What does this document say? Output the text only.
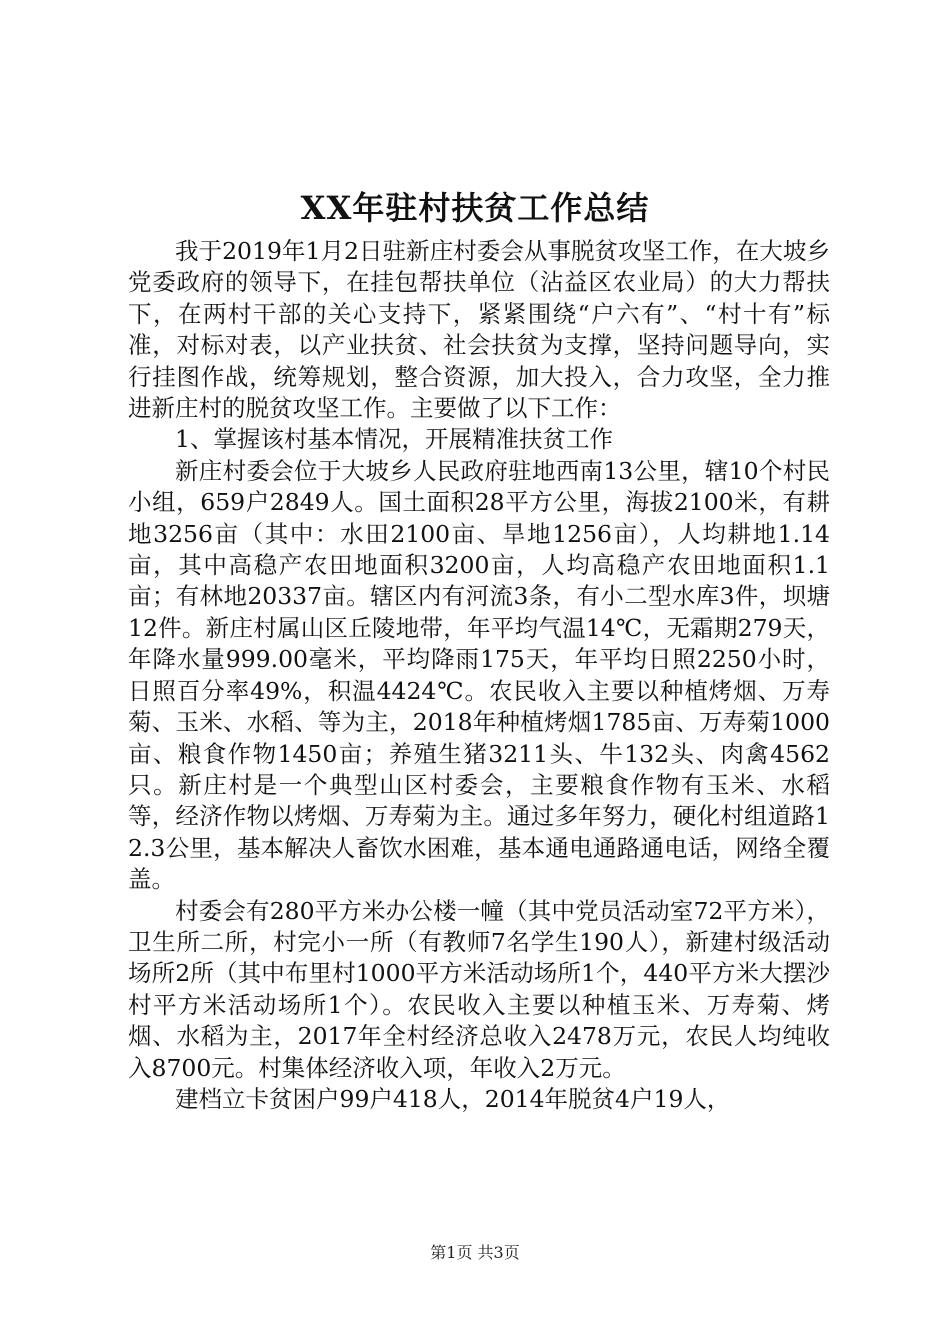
XX年驻村扶贫工作总结

我于2019年1月2日驻新庄村委会从事脱贫攻坚工作，在大坡乡党委政府的领导下，在挂包帮扶单位（沾益区农业局）的大力帮扶下，在两村干部的关心支持下，紧紧围绕“户六有”、“村十有”标准，对标对表，以产业扶贫、社会扶贫为支撑，坚持问题导向，实行挂图作战，统筹规划，整合资源，加大投入，合力攻坚，全力推进新庄村的脱贫攻坚工作。主要做了以下工作：

1、掌握该村基本情况，开展精准扶贫工作

新庄村委会位于大坡乡人民政府驻地西南13公里，辖10个村民小组，659户2849人。国土面积28平方公里，海拔2100米，有耕地3256亩（其中：水田2100亩、旱地1256亩），人均耕地1.14亩，其中高稳产农田地面积3200亩，人均高稳产农田地面积1.1亩；有林地20337亩。辖区内有河流3条，有小二型水库3件，坝塘12件。新庄村属山区丘陵地带，年平均气温14℃，无霜期279天，年降水量999.00毫米，平均降雨175天，年平均日照2250小时，日照百分率49%，积温4424℃。农民收入主要以种植烤烟、万寿菊、玉米、水稻、等为主，2018年种植烤烟1785亩、万寿菊1000亩、粮食作物1450亩；养殖生猪3211头、牛132头、肉禽4562只。新庄村是一个典型山区村委会，主要粮食作物有玉米、水稻等，经济作物以烤烟、万寿菊为主。通过多年努力，硬化村组道路12.3公里，基本解决人畜饮水困难，基本通电通路通电话，网络全覆盖。

村委会有280平方米办公楼一幢（其中党员活动室72平方米），卫生所二所，村完小一所（有教师7名学生190人），新建村级活动场所2所（其中布里村1000平方米活动场所1个，440平方米大摆沙村平方米活动场所1个）。农民收入主要以种植玉米、万寿菊、烤烟、水稻为主，2017年全村经济总收入2478万元，农民人均纯收入8700元。村集体经济收入项，年收入2万元。

建档立卡贫困户99户418人，2014年脱贫4户19人，

第1页 共3页
